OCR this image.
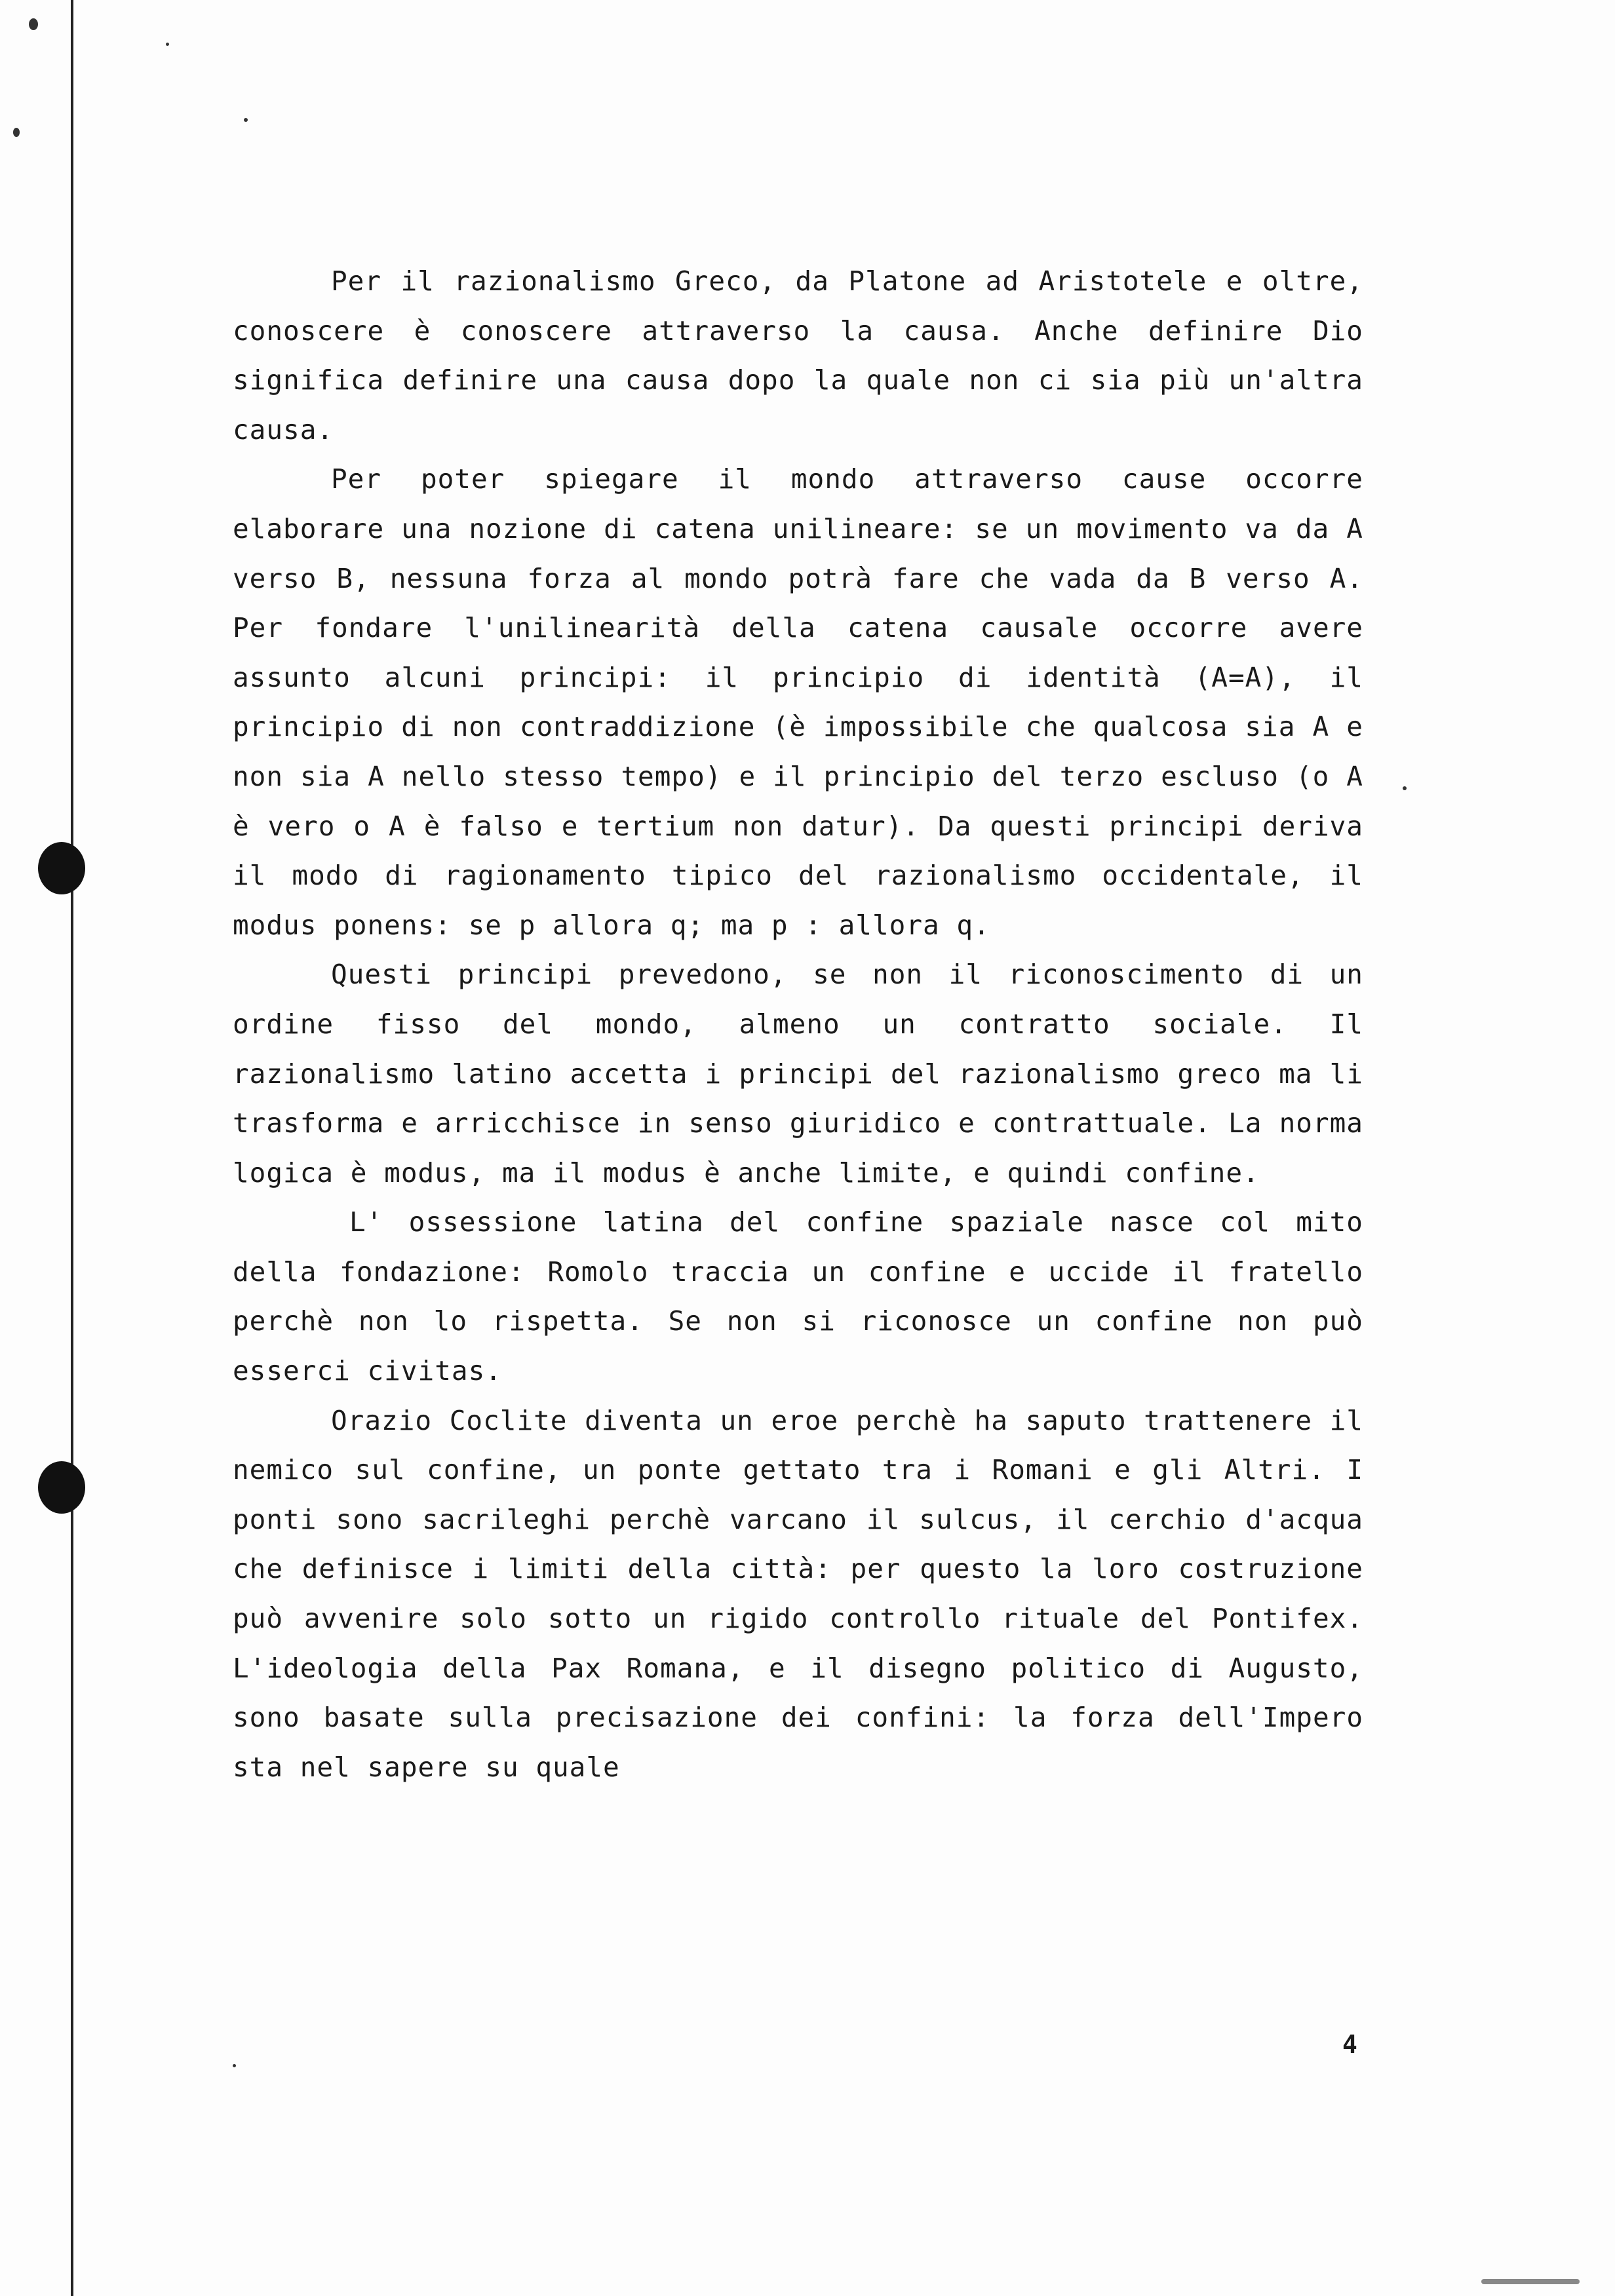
Per il razionalismo Greco, da Platone ad Aristotele e oltre, conoscere è conoscere attraverso la causa. Anche definire Dio significa definire una causa dopo la quale non ci sia più un'altra causa.

Per poter spiegare il mondo attraverso cause occorre elaborare una nozione di catena unilineare: se un movimento va da A verso B, nessuna forza al mondo potrà fare che vada da B verso A. Per fondare l'unilinearità della catena causale occorre avere assunto alcuni principi: il principio di identità (A=A), il principio di non contraddizione (è impossibile che qualcosa sia A e non sia A nello stesso tempo) e il principio del terzo escluso (o A è vero o A è falso e tertium non datur). Da questi principi deriva il modo di ragionamento tipico del razionalismo occidentale, il modus ponens: se p allora q; ma p : allora q.

Questi principi prevedono, se non il riconoscimento di un ordine fisso del mondo, almeno un contratto sociale. Il razionalismo latino accetta i principi del razionalismo greco ma li trasforma e arricchisce in senso giuridico e contrattuale. La norma logica è modus, ma il modus è anche limite, e quindi confine.

L' ossessione latina del confine spaziale nasce col mito della fondazione: Romolo traccia un confine e uccide il fratello perchè non lo rispetta. Se non si riconosce un confine non può esserci civitas.

Orazio Coclite diventa un eroe perchè ha saputo trattenere il nemico sul confine, un ponte gettato tra i Romani e gli Altri. I ponti sono sacrileghi perchè varcano il sulcus, il cerchio d'acqua che definisce i limiti della città: per questo la loro costruzione può avvenire solo sotto un rigido controllo rituale del Pontifex. L'ideologia della Pax Romana, e il disegno politico di Augusto, sono basate sulla precisazione dei confini: la forza dell'Impero sta nel sapere su quale

4
